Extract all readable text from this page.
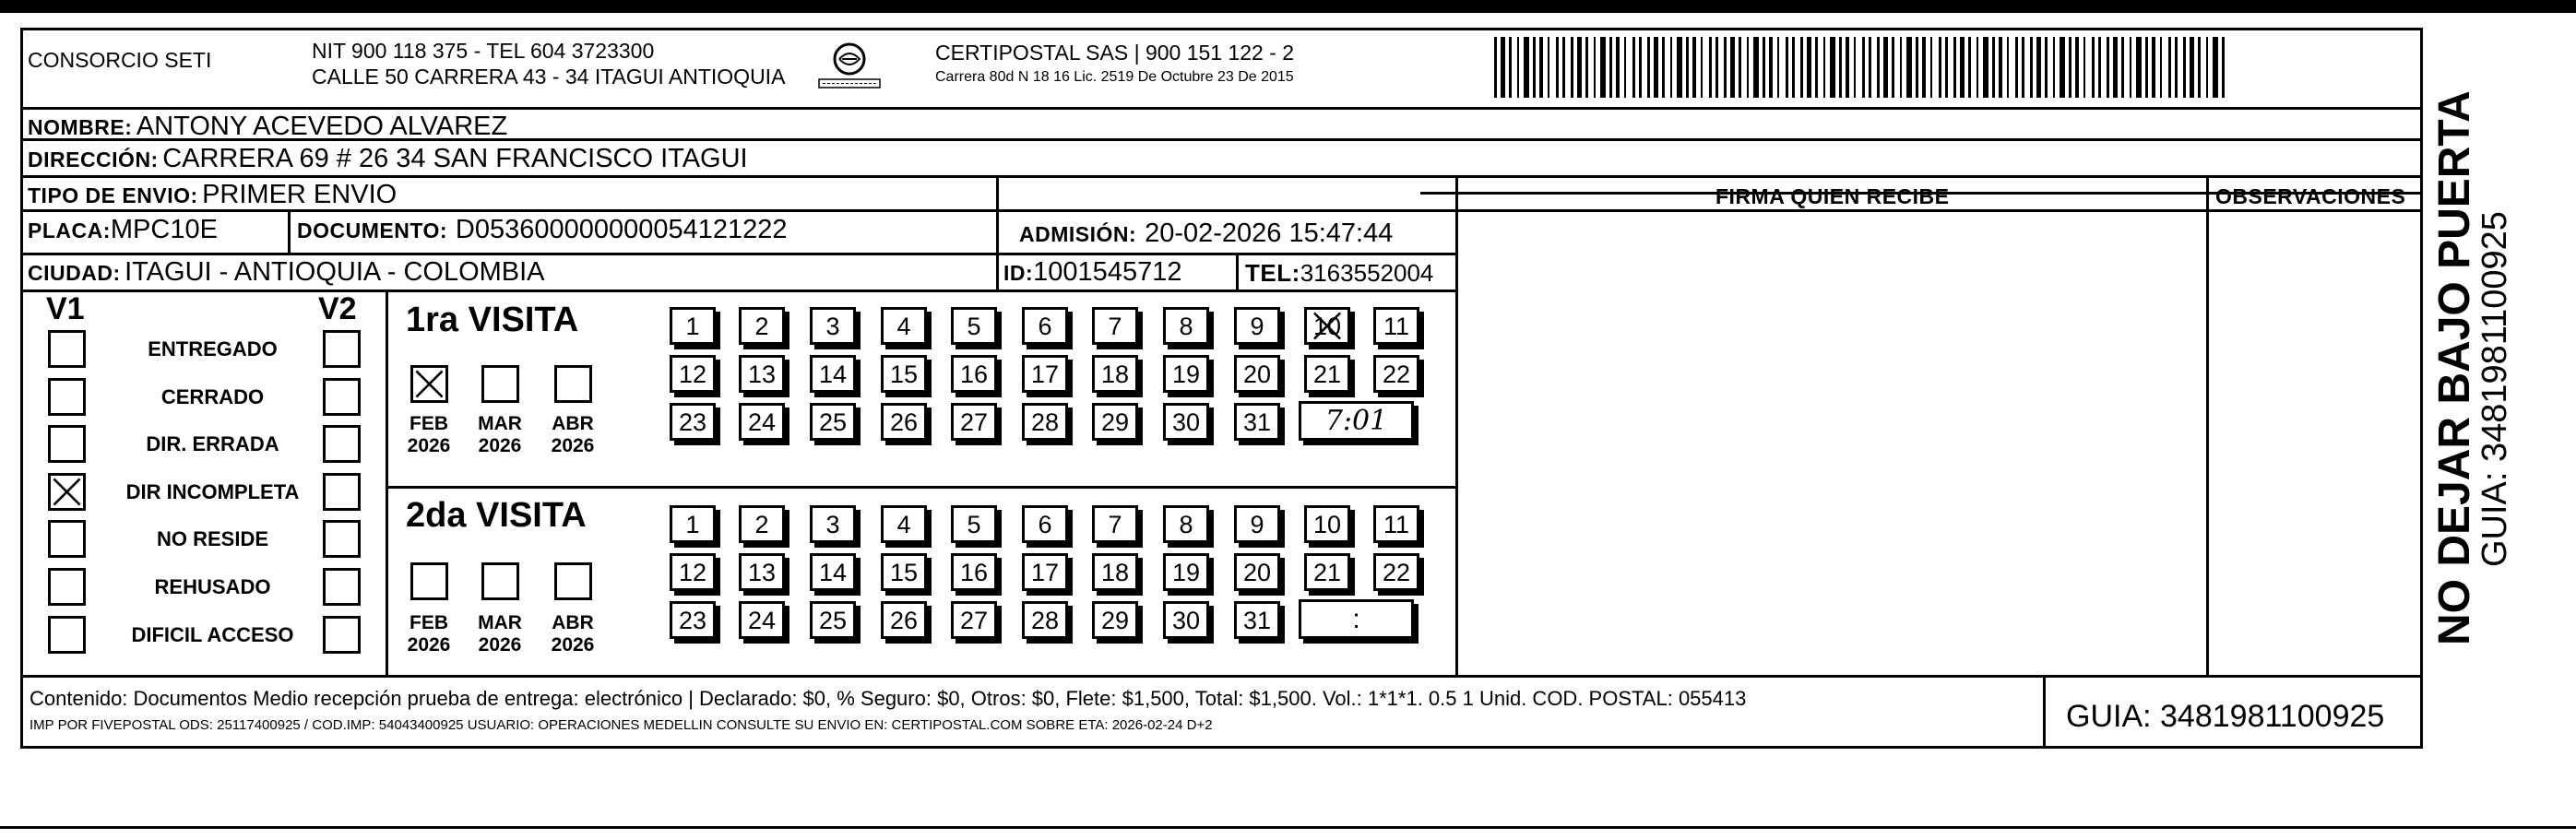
CONSORCIO SETI	NIT 900 118 375 - TEL 604 3723300
CALLE 50 CARRERA 43 - 34 ITAGUI ANTIOQUIA
CERTIPOSTAL SAS | 900 151 122 - 2
Carrera 80d N 18 16 Lic. 2519 De Octubre 23 De 2015
NOMBRE: ANTONY ACEVEDO ALVAREZ
DIRECCIÓN: CARRERA 69 # 26 34 SAN FRANCISCO ITAGUI
TIPO DE ENVIO: PRIMER ENVIO	FIRMA QUIEN RECIBE	OBSERVACIONES
PLACA:MPC10E	DOCUMENTO: D053600000000054121222	ADMISIÓN: 20-02-2026 15:47:44
CIUDAD: ITAGUI - ANTIOQUIA - COLOMBIA	ID:1001545712	TEL:3163552004
V1	V2
ENTREGADO
CERRADO
DIR. ERRADA
DIR INCOMPLETA
NO RESIDE
REHUSADO
DIFICIL ACCESO
1ra VISITA
2da VISITA
FEB
2026
MAR
2026
ABR
2026
1	2	3	4	5	6	7	8	9	10	11
12	13	14	15	16	17	18	19	20	21	22
23	24	25	26	27	28	29	30	31	7:01
FEB
2026
MAR
2026
ABR
2026
1	2	3	4	5	6	7	8	9	10	11
12	13	14	15	16	17	18	19	20	21	22
23	24	25	26	27	28	29	30	31	:
Contenido: Documentos Medio recepción prueba de entrega: electrónico | Declarado: $0, % Seguro: $0, Otros: $0, Flete: $1,500, Total: $1,500. Vol.: 1*1*1. 0.5 1 Unid. COD. POSTAL: 055413
IMP POR FIVEPOSTAL ODS: 25117400925 / COD.IMP: 54043400925 USUARIO: OPERACIONES MEDELLIN CONSULTE SU ENVIO EN: CERTIPOSTAL.COM SOBRE ETA: 2026-02-24 D+2	GUIA: 3481981100925
NO DEJAR BAJO PUERTA
GUIA: 3481981100925
